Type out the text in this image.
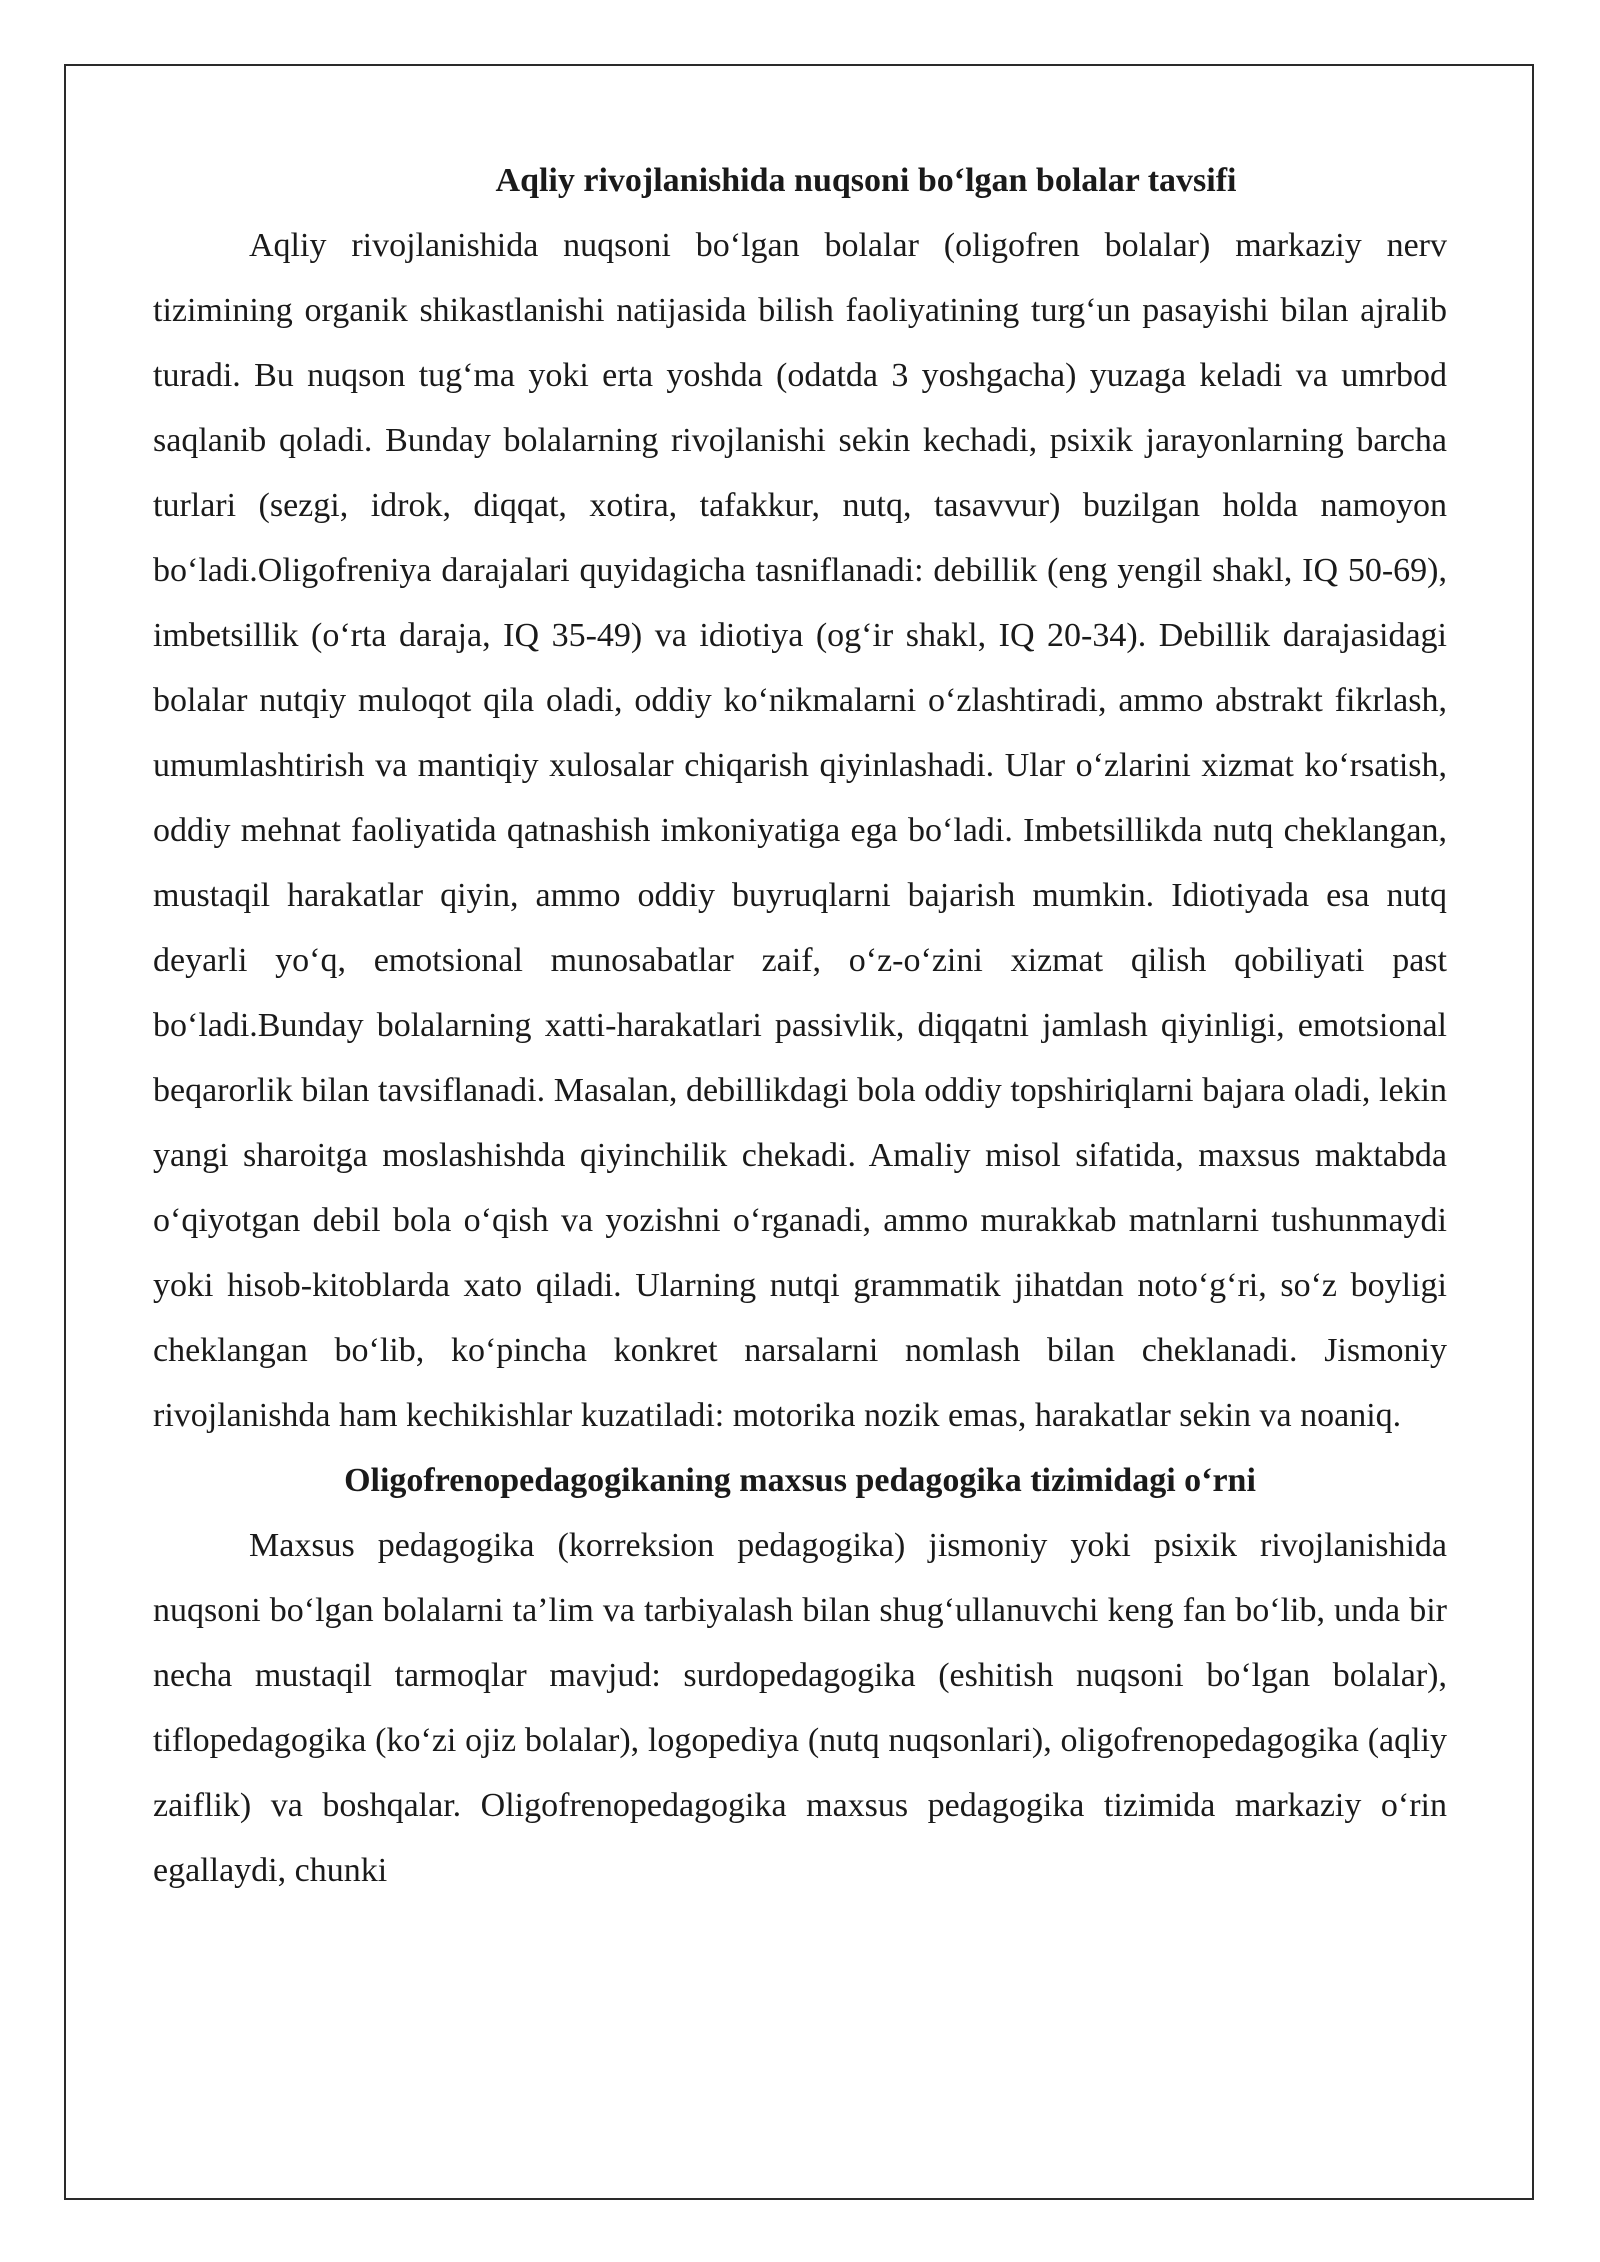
Aqliy rivojlanishida nuqsoni boʻlgan bolalar tavsifi

Aqliy rivojlanishida nuqsoni boʻlgan bolalar (oligofren bolalar) markaziy nerv tizimining organik shikastlanishi natijasida bilish faoliyatining turgʻun pasayishi bilan ajralib turadi. Bu nuqson tugʻma yoki erta yoshda (odatda 3 yoshgacha) yuzaga keladi va umrbod saqlanib qoladi. Bunday bolalarning rivojlanishi sekin kechadi, psixik jarayonlarning barcha turlari (sezgi, idrok, diqqat, xotira, tafakkur, nutq, tasavvur) buzilgan holda namoyon boʻladi.Oligofreniya darajalari quyidagicha tasniflanadi: debillik (eng yengil shakl, IQ 50-69), imbetsillik (oʻrta daraja, IQ 35-49) va idiotiya (ogʻir shakl, IQ 20-34). Debillik darajasidagi bolalar nutqiy muloqot qila oladi, oddiy koʻnikmalarni oʻzlashtiradi, ammo abstrakt fikrlash, umumlashtirish va mantiqiy xulosalar chiqarish qiyinlashadi. Ular oʻzlarini xizmat koʻrsatish, oddiy mehnat faoliyatida qatnashish imkoniyatiga ega boʻladi. Imbetsillikda nutq cheklangan, mustaqil harakatlar qiyin, ammo oddiy buyruqlarni bajarish mumkin. Idiotiyada esa nutq deyarli yoʻq, emotsional munosabatlar zaif, oʻz-oʻzini xizmat qilish qobiliyati past boʻladi.Bunday bolalarning xatti-harakatlari passivlik, diqqatni jamlash qiyinligi, emotsional beqarorlik bilan tavsiflanadi. Masalan, debillikdagi bola oddiy topshiriqlarni bajara oladi, lekin yangi sharoitga moslashishda qiyinchilik chekadi. Amaliy misol sifatida, maxsus maktabda oʻqiyotgan debil bola oʻqish va yozishni oʻrganadi, ammo murakkab matnlarni tushunmaydi yoki hisob-kitoblarda xato qiladi. Ularning nutqi grammatik jihatdan notoʻgʻri, soʻz boyligi cheklangan boʻlib, koʻpincha konkret narsalarni nomlash bilan cheklanadi. Jismoniy rivojlanishda ham kechikishlar kuzatiladi: motorika nozik emas, harakatlar sekin va noaniq.

Oligofrenopedagogikaning maxsus pedagogika tizimidagi oʻrni

Maxsus pedagogika (korreksion pedagogika) jismoniy yoki psixik rivojlanishida nuqsoni boʻlgan bolalarni taʼlim va tarbiyalash bilan shugʻullanuvchi keng fan boʻlib, unda bir necha mustaqil tarmoqlar mavjud: surdopedagogika (eshitish nuqsoni boʻlgan bolalar), tiflopedagogika (koʻzi ojiz bolalar), logopediya (nutq nuqsonlari), oligofrenopedagogika (aqliy zaiflik) va boshqalar. Oligofrenopedagogika maxsus pedagogika tizimida markaziy oʻrin egallaydi, chunki
